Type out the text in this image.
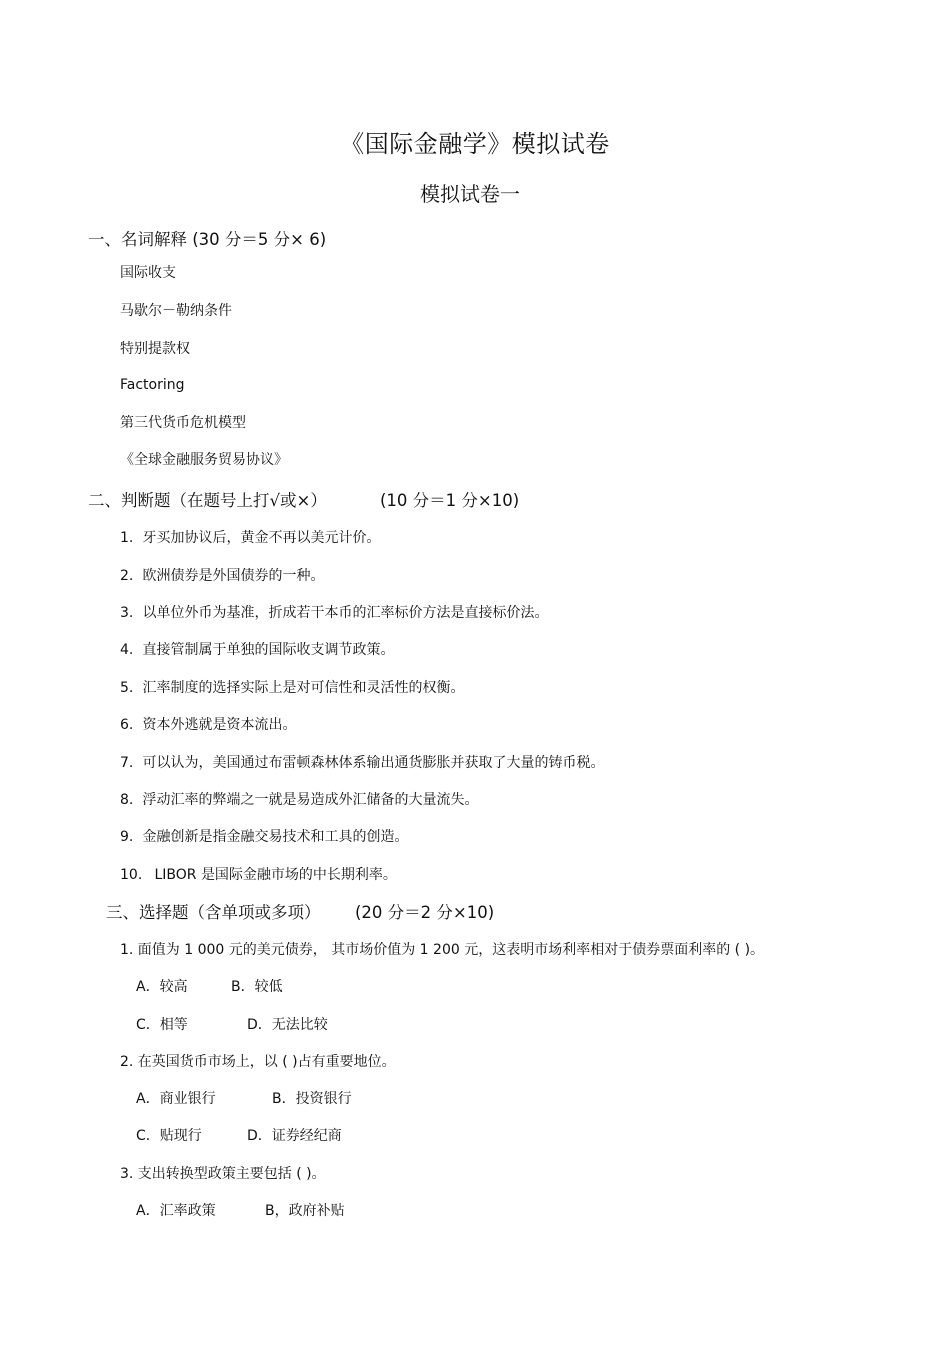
《国际金融学》模拟试卷
模拟试卷一
一、名词解释 (30 分＝5 分× 6)
国际收支
马歇尔－勒纳条件
特别提款权
Factoring
第三代货币危机模型
《全球金融服务贸易协议》
二、判断题（在题号上打√或×）	(10 分＝1 分×10)
1. 牙买加协议后，黄金不再以美元计价。
2. 欧洲债券是外国债券的一种。
3. 以单位外币为基准，折成若干本币的汇率标价方法是直接标价法。
4. 直接管制属于单独的国际收支调节政策。
5. 汇率制度的选择实际上是对可信性和灵活性的权衡。
6. 资本外逃就是资本流出。
7. 可以认为，美国通过布雷顿森林体系输出通货膨胀并获取了大量的铸币税。
8. 浮动汇率的弊端之一就是易造成外汇储备的大量流失。
9. 金融创新是指金融交易技术和工具的创造。
10. LIBOR 是国际金融市场的中长期利率。
三、选择题（含单项或多项） (20 分＝2 分×10)
1. 面值为 1 000 元的美元债券， 其市场价值为 1 200 元，这表明市场利率相对于债券票面利率的 ( )。
A．较高	B．较低
C．相等	D．无法比较
2. 在英国货币市场上，以 ( )占有重要地位。
A．商业银行	B．投资银行
C．贴现行	D．证券经纪商
3. 支出转换型政策主要包括 ( )。
A．汇率政策	B，政府补贴
